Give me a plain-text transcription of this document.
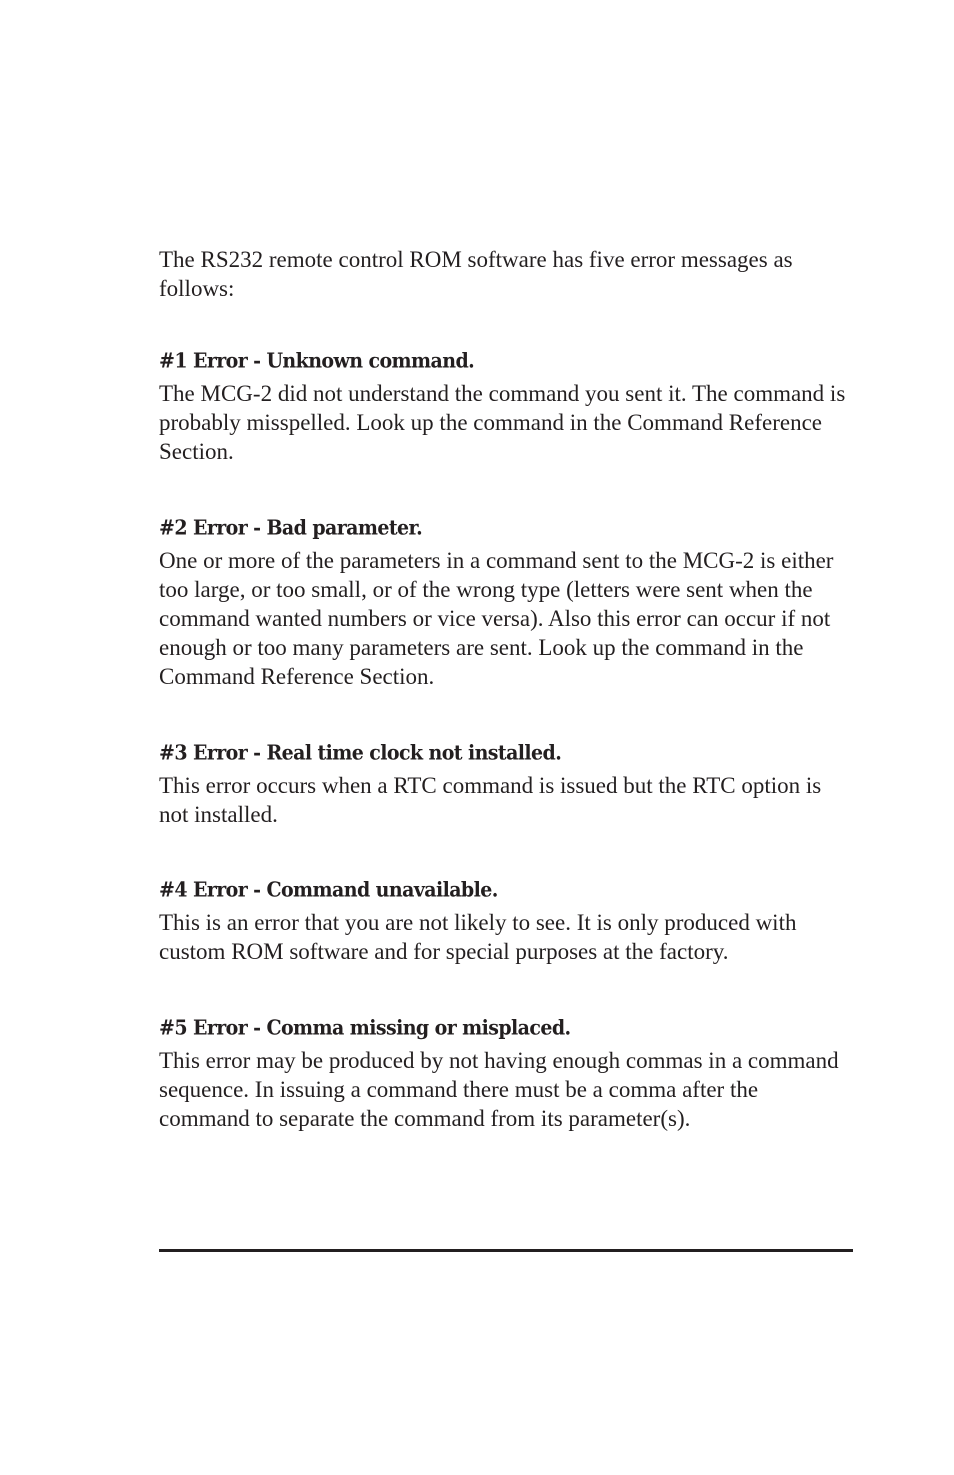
The RS232 remote control ROM software has five error messages as follows:

#1 Error - Unknown command.

The MCG-2 did not understand the command you sent it. The command is probably misspelled. Look up the command in the Command Reference Section.

#2 Error - Bad parameter.

One or more of the parameters in a command sent to the MCG-2 is either too large, or too small, or of the wrong type (letters were sent when the command wanted numbers or vice versa). Also this error can occur if not enough or too many parameters are sent. Look up the command in the Command Reference Section.

#3 Error - Real time clock not installed.

This error occurs when a RTC command is issued but the RTC option is not installed.

#4 Error - Command unavailable.

This is an error that you are not likely to see. It is only produced with custom ROM software and for special purposes at the factory.

#5 Error - Comma missing or misplaced.

This error may be produced by not having enough commas in a command sequence. In issuing a command there must be a comma after the command to separate the command from its parameter(s).
